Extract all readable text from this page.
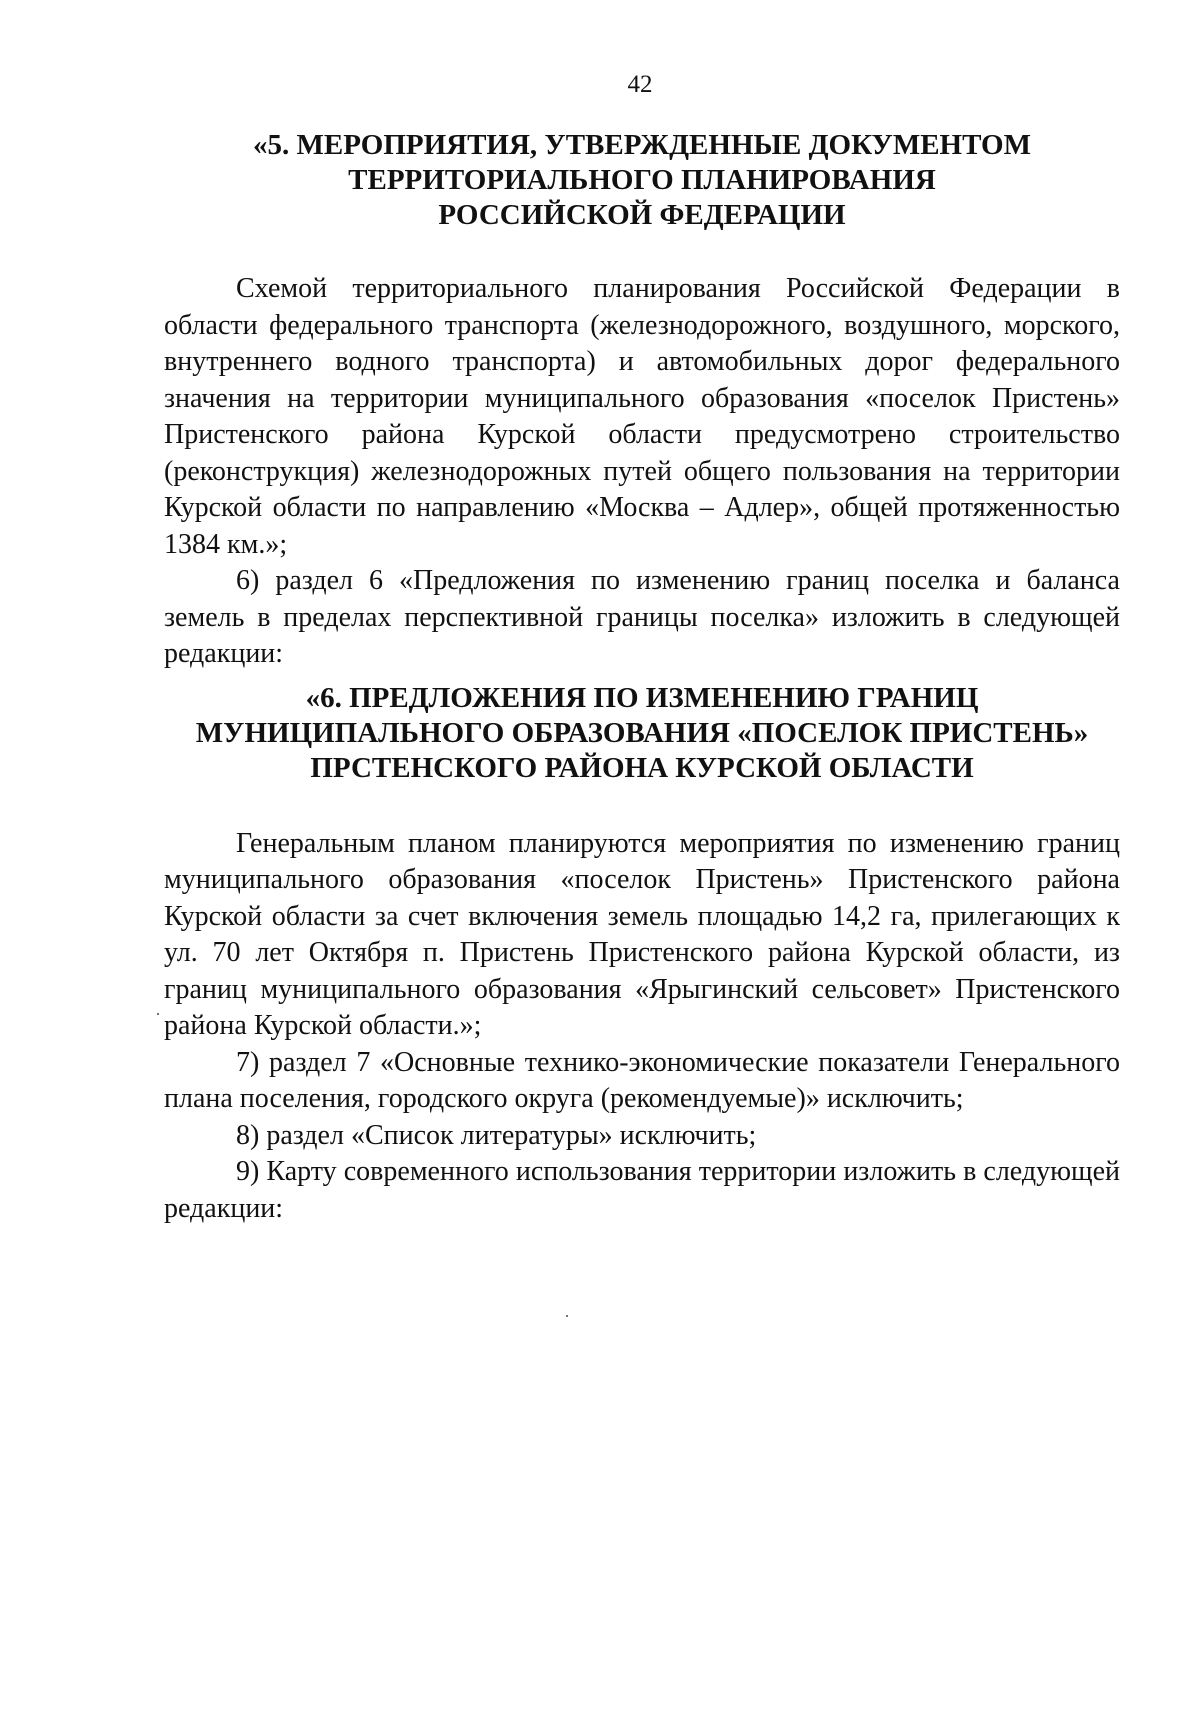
42
«5. МЕРОПРИЯТИЯ, УТВЕРЖДЕННЫЕ ДОКУМЕНТОМ
ТЕРРИТОРИАЛЬНОГО ПЛАНИРОВАНИЯ
РОССИЙСКОЙ ФЕДЕРАЦИИ

Схемой территориального планирования Российской Федерации в области федерального транспорта (железнодорожного, воздушного, морского, внутреннего водного транспорта) и автомобильных дорог федерального значения на территории муниципального образования «поселок Пристень» Пристенского района Курской области предусмотрено строительство (реконструкция) железнодорожных путей общего пользования на территории Курской области по направлению «Москва – Адлер», общей протяженностью 1384 км.»;

6) раздел 6 «Предложения по изменению границ поселка и баланса земель в пределах перспективной границы поселка» изложить в следующей редакции:

«6. ПРЕДЛОЖЕНИЯ ПО ИЗМЕНЕНИЮ ГРАНИЦ
МУНИЦИПАЛЬНОГО ОБРАЗОВАНИЯ «ПОСЕЛОК ПРИСТЕНЬ»
ПРСТЕНСКОГО РАЙОНА КУРСКОЙ ОБЛАСТИ

Генеральным планом планируются мероприятия по изменению границ муниципального образования «поселок Пристень» Пристенского района Курской области за счет включения земель площадью 14,2 га, прилегающих к ул. 70 лет Октября п. Пристень Пристенского района Курской области, из границ муниципального образования «Ярыгинский сельсовет» Пристенского района Курской области.»;

7) раздел 7 «Основные технико-экономические показатели Генерального плана поселения, городского округа (рекомендуемые)» исключить;

8) раздел «Список литературы» исключить;

9) Карту современного использования территории изложить в следующей редакции:
